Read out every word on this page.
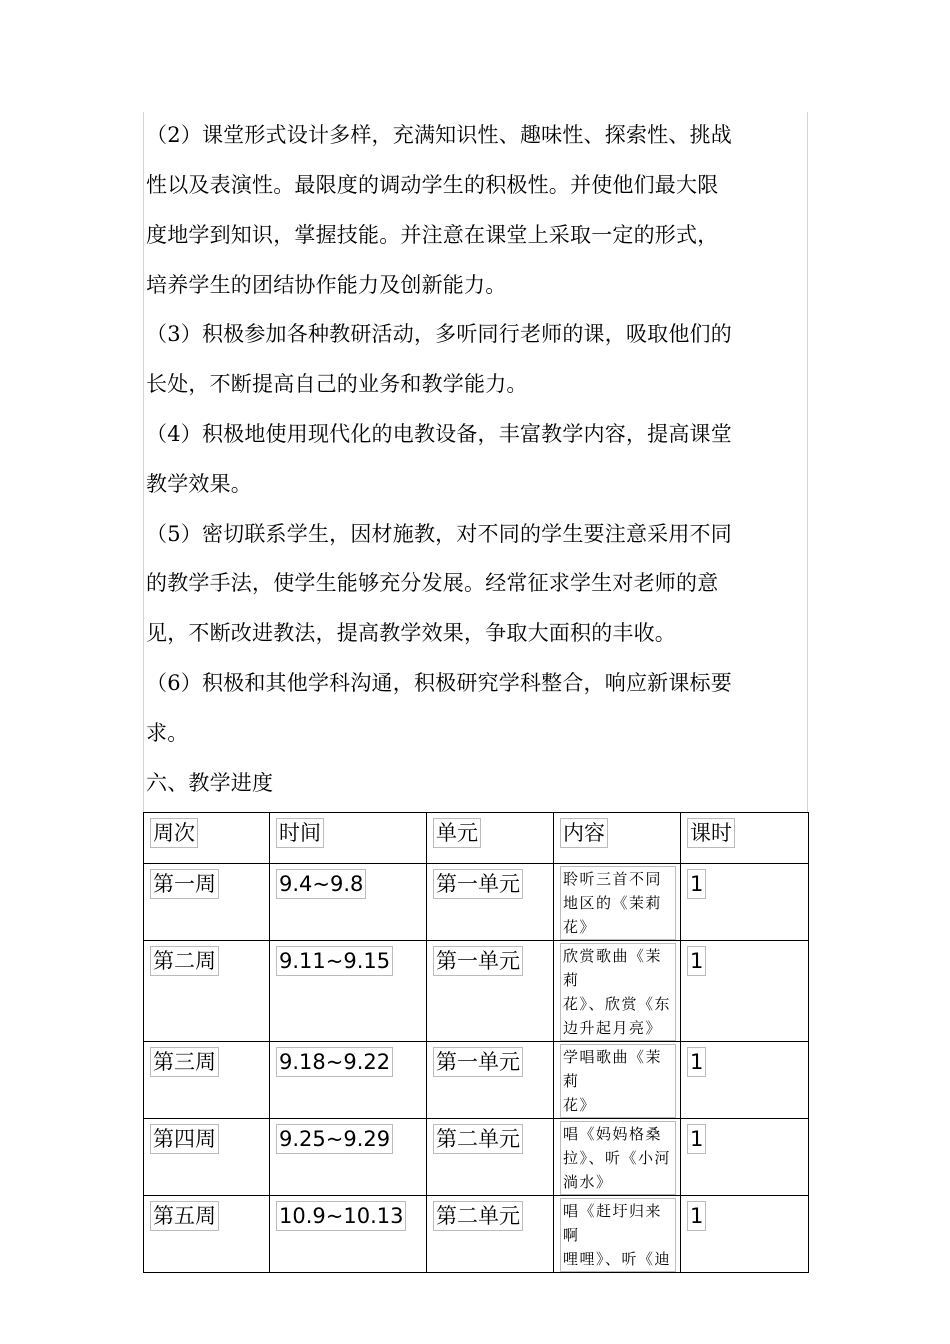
（2）课堂形式设计多样，充满知识性、趣味性、探索性、挑战
性以及表演性。最限度的调动学生的积极性。并使他们最大限
度地学到知识，掌握技能。并注意在课堂上采取一定的形式，
培养学生的团结协作能力及创新能力。
（3）积极参加各种教研活动，多听同行老师的课，吸取他们的
长处，不断提高自己的业务和教学能力。
（4）积极地使用现代化的电教设备，丰富教学内容，提高课堂
教学效果。
（5）密切联系学生，因材施教，对不同的学生要注意采用不同
的教学手法，使学生能够充分发展。经常征求学生对老师的意
见，不断改进教法，提高教学效果，争取大面积的丰收。
（6）积极和其他学科沟通，积极研究学科整合，响应新课标要
求。
六、教学进度
周次	时间	单元	内容	课时
第一周	9.4~9.8	第一单元	聆听三首不同
地区的《茉莉
花》	1
第二周	9.11~9.15	第一单元	欣赏歌曲《茉莉
花》、欣赏《东
边升起月亮》	1
第三周	9.18~9.22	第一单元	学唱歌曲《茉莉
花》	1
第四周	9.25~9.29	第二单元	唱《妈妈格桑
拉》、听《小河
淌水》	1
第五周	10.9~10.13	第二单元	唱《赶圩归来啊
哩哩》、听《迪	1
